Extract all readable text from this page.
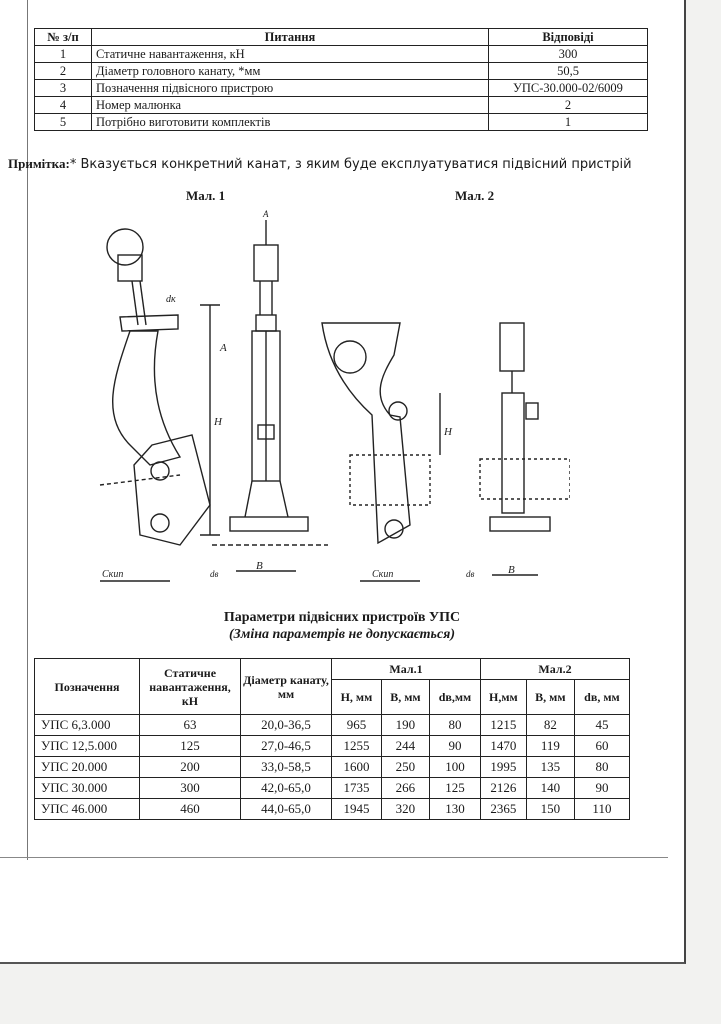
№ з/п	Питання	Відповіді
1	Статичне навантаження, кН	300
2	Діаметр головного канату, *мм	50,5
3	Позначення підвісного пристрою	УПС-30.000-02/6009
4	Номер малюнка	2
5	Потрібно виготовити комплектів	1
Примітка:* Вказується конкретний канат, з яким буде експлуатуватися підвісний пристрій
Мал. 1	Мал. 2
dк
Н
Скип
А
А
В
dв
Н
Скип	В
dв
Параметри підвісних пристроїв УПС
(Зміна параметрів не допускається)
Позначення	Статичне навантаження, кН	Діаметр канату, мм	Мал.1			Мал.2		
			Н, мм	В, мм	dв,мм	Н,мм	В, мм	dв, мм
УПС 6,3.000	63	20,0-36,5	965	190	80	1215	82	45
УПС 12,5.000	125	27,0-46,5	1255	244	90	1470	119	60
УПС 20.000	200	33,0-58,5	1600	250	100	1995	135	80
УПС 30.000	300	42,0-65,0	1735	266	125	2126	140	90
УПС 46.000	460	44,0-65,0	1945	320	130	2365	150	110
